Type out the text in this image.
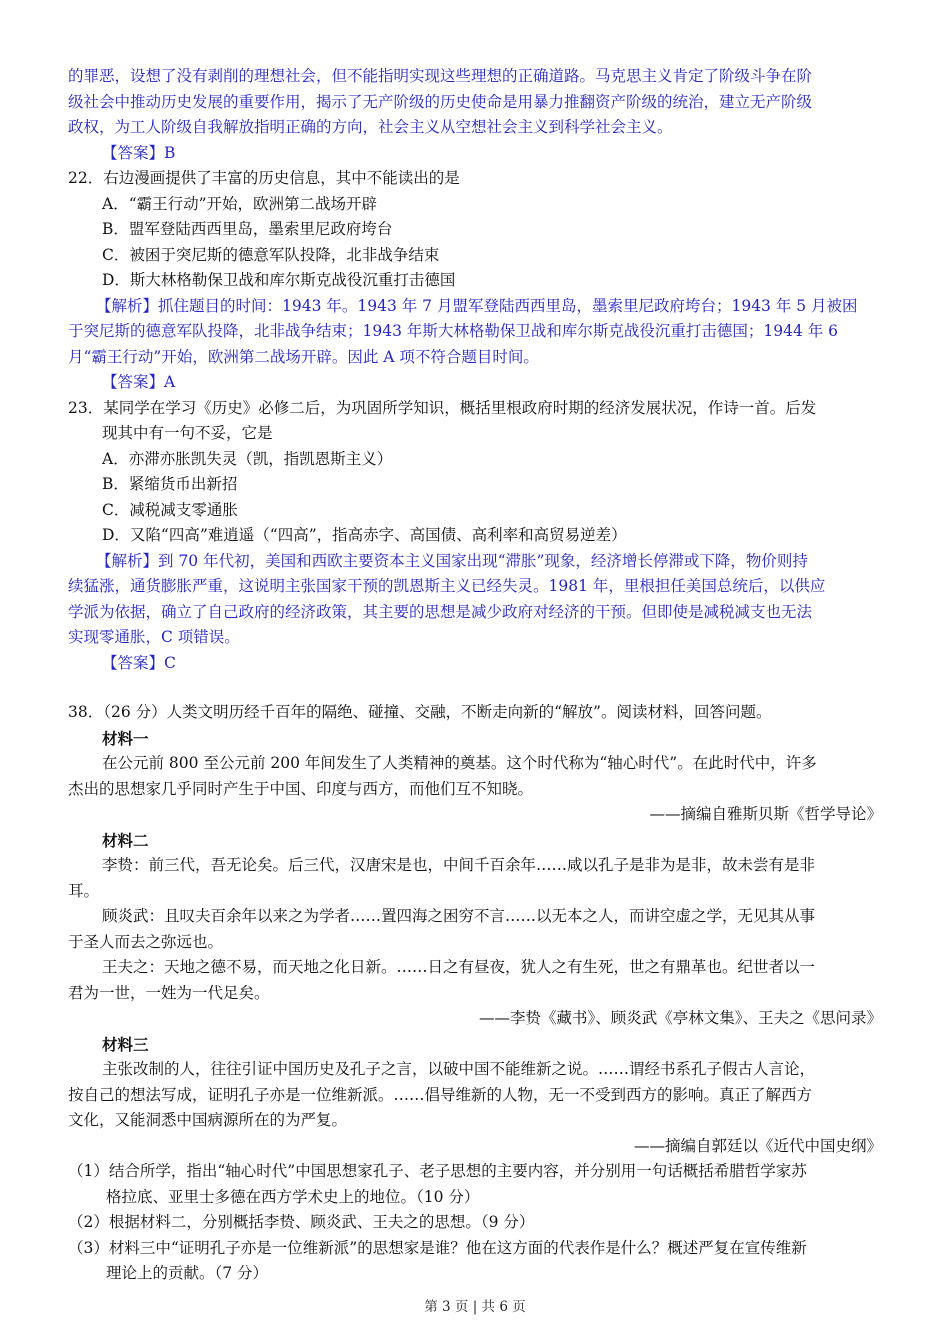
的罪恶，设想了没有剥削的理想社会，但不能指明实现这些理想的正确道路。马克思主义肯定了阶级斗争在阶
级社会中推动历史发展的重要作用，揭示了无产阶级的历史使命是用暴力推翻资产阶级的统治，建立无产阶级
政权，为工人阶级自我解放指明正确的方向，社会主义从空想社会主义到科学社会主义。
【答案】B
22．右边漫画提供了丰富的历史信息，其中不能读出的是
A．“霸王行动”开始，欧洲第二战场开辟
B．盟军登陆西西里岛，墨索里尼政府垮台
C．被困于突尼斯的德意军队投降，北非战争结束
D．斯大林格勒保卫战和库尔斯克战役沉重打击德国
【解析】抓住题目的时间：1943 年。1943 年 7 月盟军登陆西西里岛，墨索里尼政府垮台；1943 年 5 月被困
于突尼斯的德意军队投降，北非战争结束；1943 年斯大林格勒保卫战和库尔斯克战役沉重打击德国；1944 年 6
月“霸王行动”开始，欧洲第二战场开辟。因此 A 项不符合题目时间。
【答案】A
23．某同学在学习《历史》必修二后，为巩固所学知识，概括里根政府时期的经济发展状况，作诗一首。后发
现其中有一句不妥，它是
A．亦滞亦胀凯失灵（凯，指凯恩斯主义）
B．紧缩货币出新招
C．减税减支零通胀
D．又陷“四高”难逍遥（“四高”，指高赤字、高国债、高利率和高贸易逆差）
【解析】到 70 年代初，美国和西欧主要资本主义国家出现“滞胀”现象，经济增长停滞或下降，物价则持
续猛涨，通货膨胀严重，这说明主张国家干预的凯恩斯主义已经失灵。1981 年，里根担任美国总统后，以供应
学派为依据，确立了自己政府的经济政策，其主要的思想是减少政府对经济的干预。但即使是减税减支也无法
实现零通胀，C 项错误。
【答案】C
38．（26 分）人类文明历经千百年的隔绝、碰撞、交融，不断走向新的“解放”。阅读材料，回答问题。
材料一
在公元前 800 至公元前 200 年间发生了人类精神的奠基。这个时代称为“轴心时代”。在此时代中，许多
杰出的思想家几乎同时产生于中国、印度与西方，而他们互不知晓。
——摘编自雅斯贝斯《哲学导论》
材料二
李贽：前三代，吾无论矣。后三代，汉唐宋是也，中间千百余年……咸以孔子是非为是非，故未尝有是非
耳。
顾炎武：且叹夫百余年以来之为学者……置四海之困穷不言……以无本之人，而讲空虚之学，无见其从事
于圣人而去之弥远也。
王夫之：天地之德不易，而天地之化日新。……日之有昼夜，犹人之有生死，世之有鼎革也。纪世者以一
君为一世，一姓为一代足矣。
——李贽《藏书》、顾炎武《亭林文集》、王夫之《思问录》
材料三
主张改制的人，往往引证中国历史及孔子之言，以破中国不能维新之说。……谓经书系孔子假古人言论，
按自己的想法写成，证明孔子亦是一位维新派。……倡导维新的人物，无一不受到西方的影响。真正了解西方
文化，又能洞悉中国病源所在的为严复。
——摘编自郭廷以《近代中国史纲》
（1）结合所学，指出“轴心时代”中国思想家孔子、老子思想的主要内容，并分别用一句话概括希腊哲学家苏
格拉底、亚里士多德在西方学术史上的地位。（10 分）
（2）根据材料二，分别概括李贽、顾炎武、王夫之的思想。（9 分）
（3）材料三中“证明孔子亦是一位维新派”的思想家是谁？他在这方面的代表作是什么？概述严复在宣传维新
理论上的贡献。（7 分）
第 3 页 | 共 6 页
